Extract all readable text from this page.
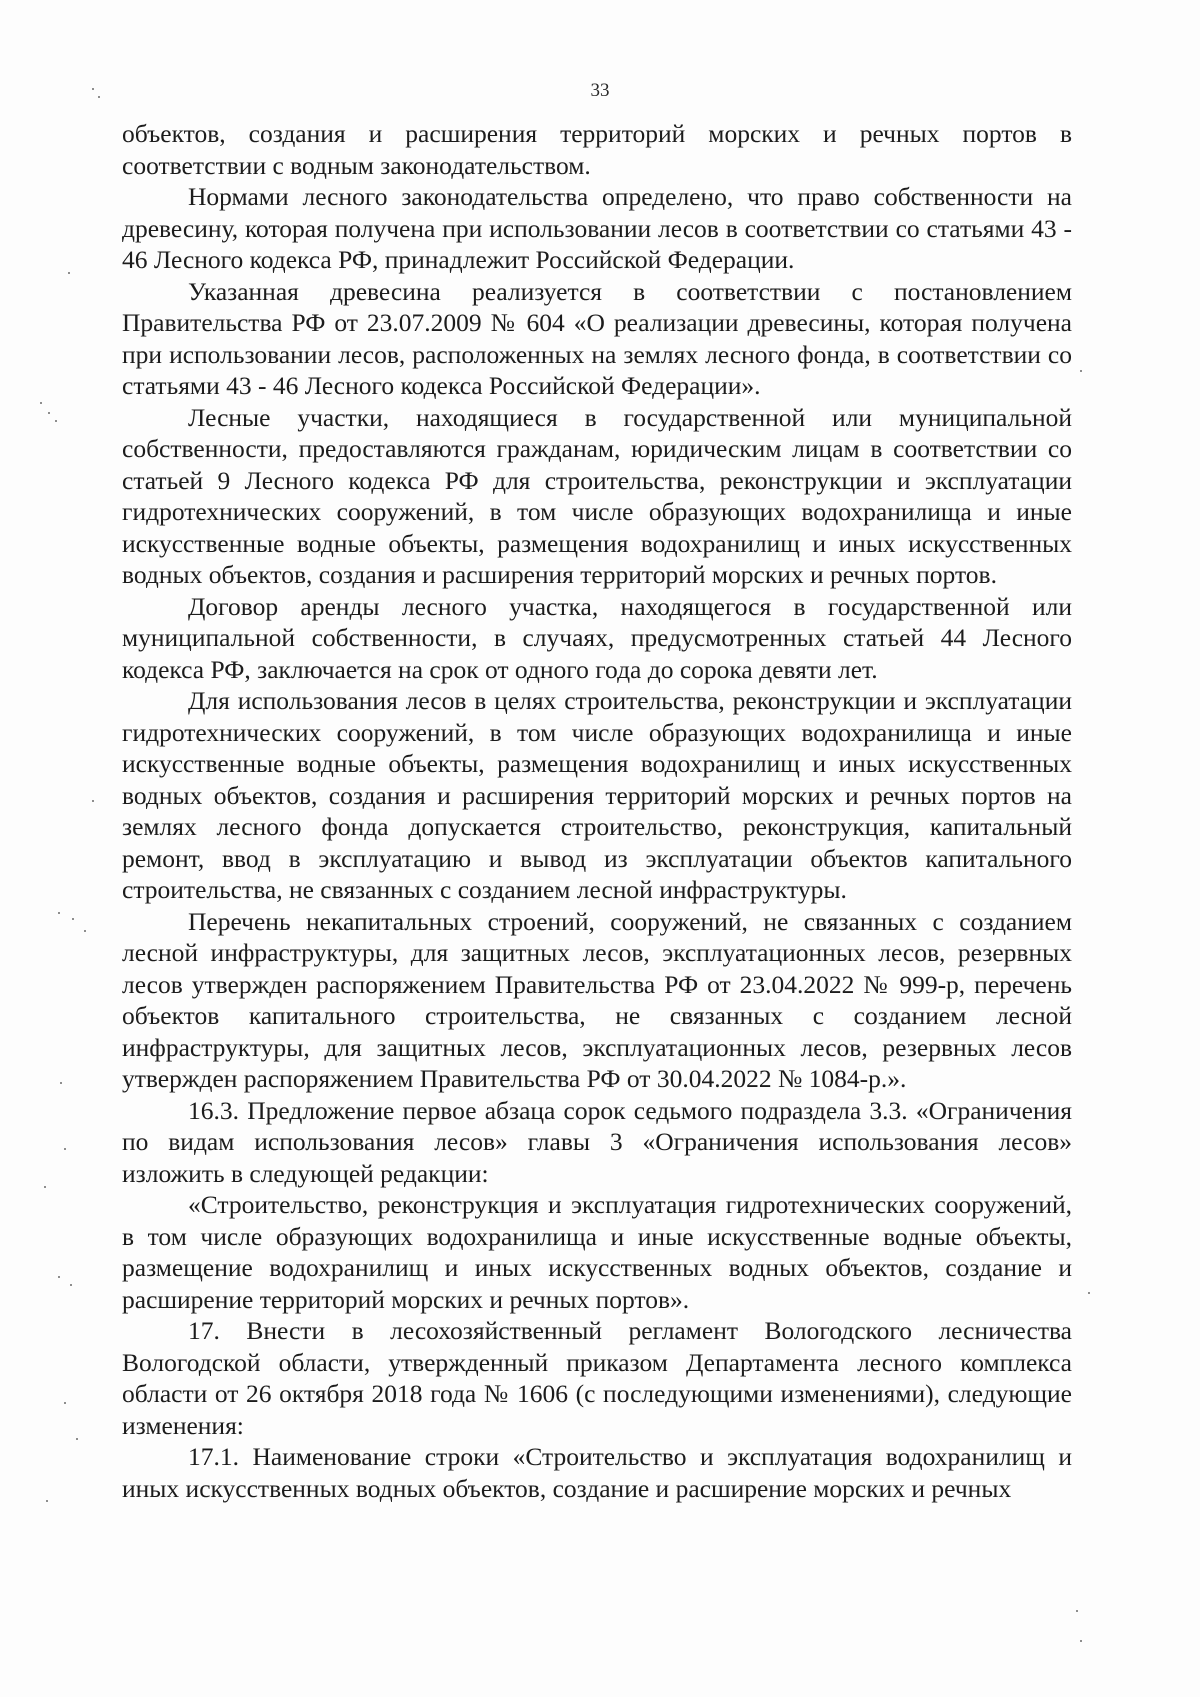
33

объектов, создания и расширения территорий морских и речных портов в соответствии с водным законодательством.

Нормами лесного законодательства определено, что право собственности на древесину, которая получена при использовании лесов в соответствии со статьями 43 - 46 Лесного кодекса РФ, принадлежит Российской Федерации.

Указанная древесина реализуется в соответствии с постановлением Правительства РФ от 23.07.2009 № 604 «О реализации древесины, которая получена при использовании лесов, расположенных на землях лесного фонда, в соответствии со статьями 43 - 46 Лесного кодекса Российской Федерации».

Лесные участки, находящиеся в государственной или муниципальной собственности, предоставляются гражданам, юридическим лицам в соответствии со статьей 9 Лесного кодекса РФ для строительства, реконструкции и эксплуатации гидротехнических сооружений, в том числе образующих водохранилища и иные искусственные водные объекты, размещения водохранилищ и иных искусственных водных объектов, создания и расширения территорий морских и речных портов.

Договор аренды лесного участка, находящегося в государственной или муниципальной собственности, в случаях, предусмотренных статьей 44 Лесного кодекса РФ, заключается на срок от одного года до сорока девяти лет.

Для использования лесов в целях строительства, реконструкции и эксплуатации гидротехнических сооружений, в том числе образующих водохранилища и иные искусственные водные объекты, размещения водохранилищ и иных искусственных водных объектов, создания и расширения территорий морских и речных портов на землях лесного фонда допускается строительство, реконструкция, капитальный ремонт, ввод в эксплуатацию и вывод из эксплуатации объектов капитального строительства, не связанных с созданием лесной инфраструктуры.

Перечень некапитальных строений, сооружений, не связанных с созданием лесной инфраструктуры, для защитных лесов, эксплуатационных лесов, резервных лесов утвержден распоряжением Правительства РФ от 23.04.2022 № 999-р, перечень объектов капитального строительства, не связанных с созданием лесной инфраструктуры, для защитных лесов, эксплуатационных лесов, резервных лесов утвержден распоряжением Правительства РФ от 30.04.2022 № 1084-р.».

16.3. Предложение первое абзаца сорок седьмого подраздела 3.3. «Ограничения по видам использования лесов» главы 3 «Ограничения использования лесов» изложить в следующей редакции:

«Строительство, реконструкция и эксплуатация гидротехнических сооружений, в том числе образующих водохранилища и иные искусственные водные объекты, размещение водохранилищ и иных искусственных водных объектов, создание и расширение территорий морских и речных портов».

17. Внести в лесохозяйственный регламент Вологодского лесничества Вологодской области, утвержденный приказом Департамента лесного комплекса области от 26 октября 2018 года № 1606 (с последующими изменениями), следующие изменения:

17.1. Наименование строки «Строительство и эксплуатация водохранилищ и иных искусственных водных объектов, создание и расширение морских и речных
